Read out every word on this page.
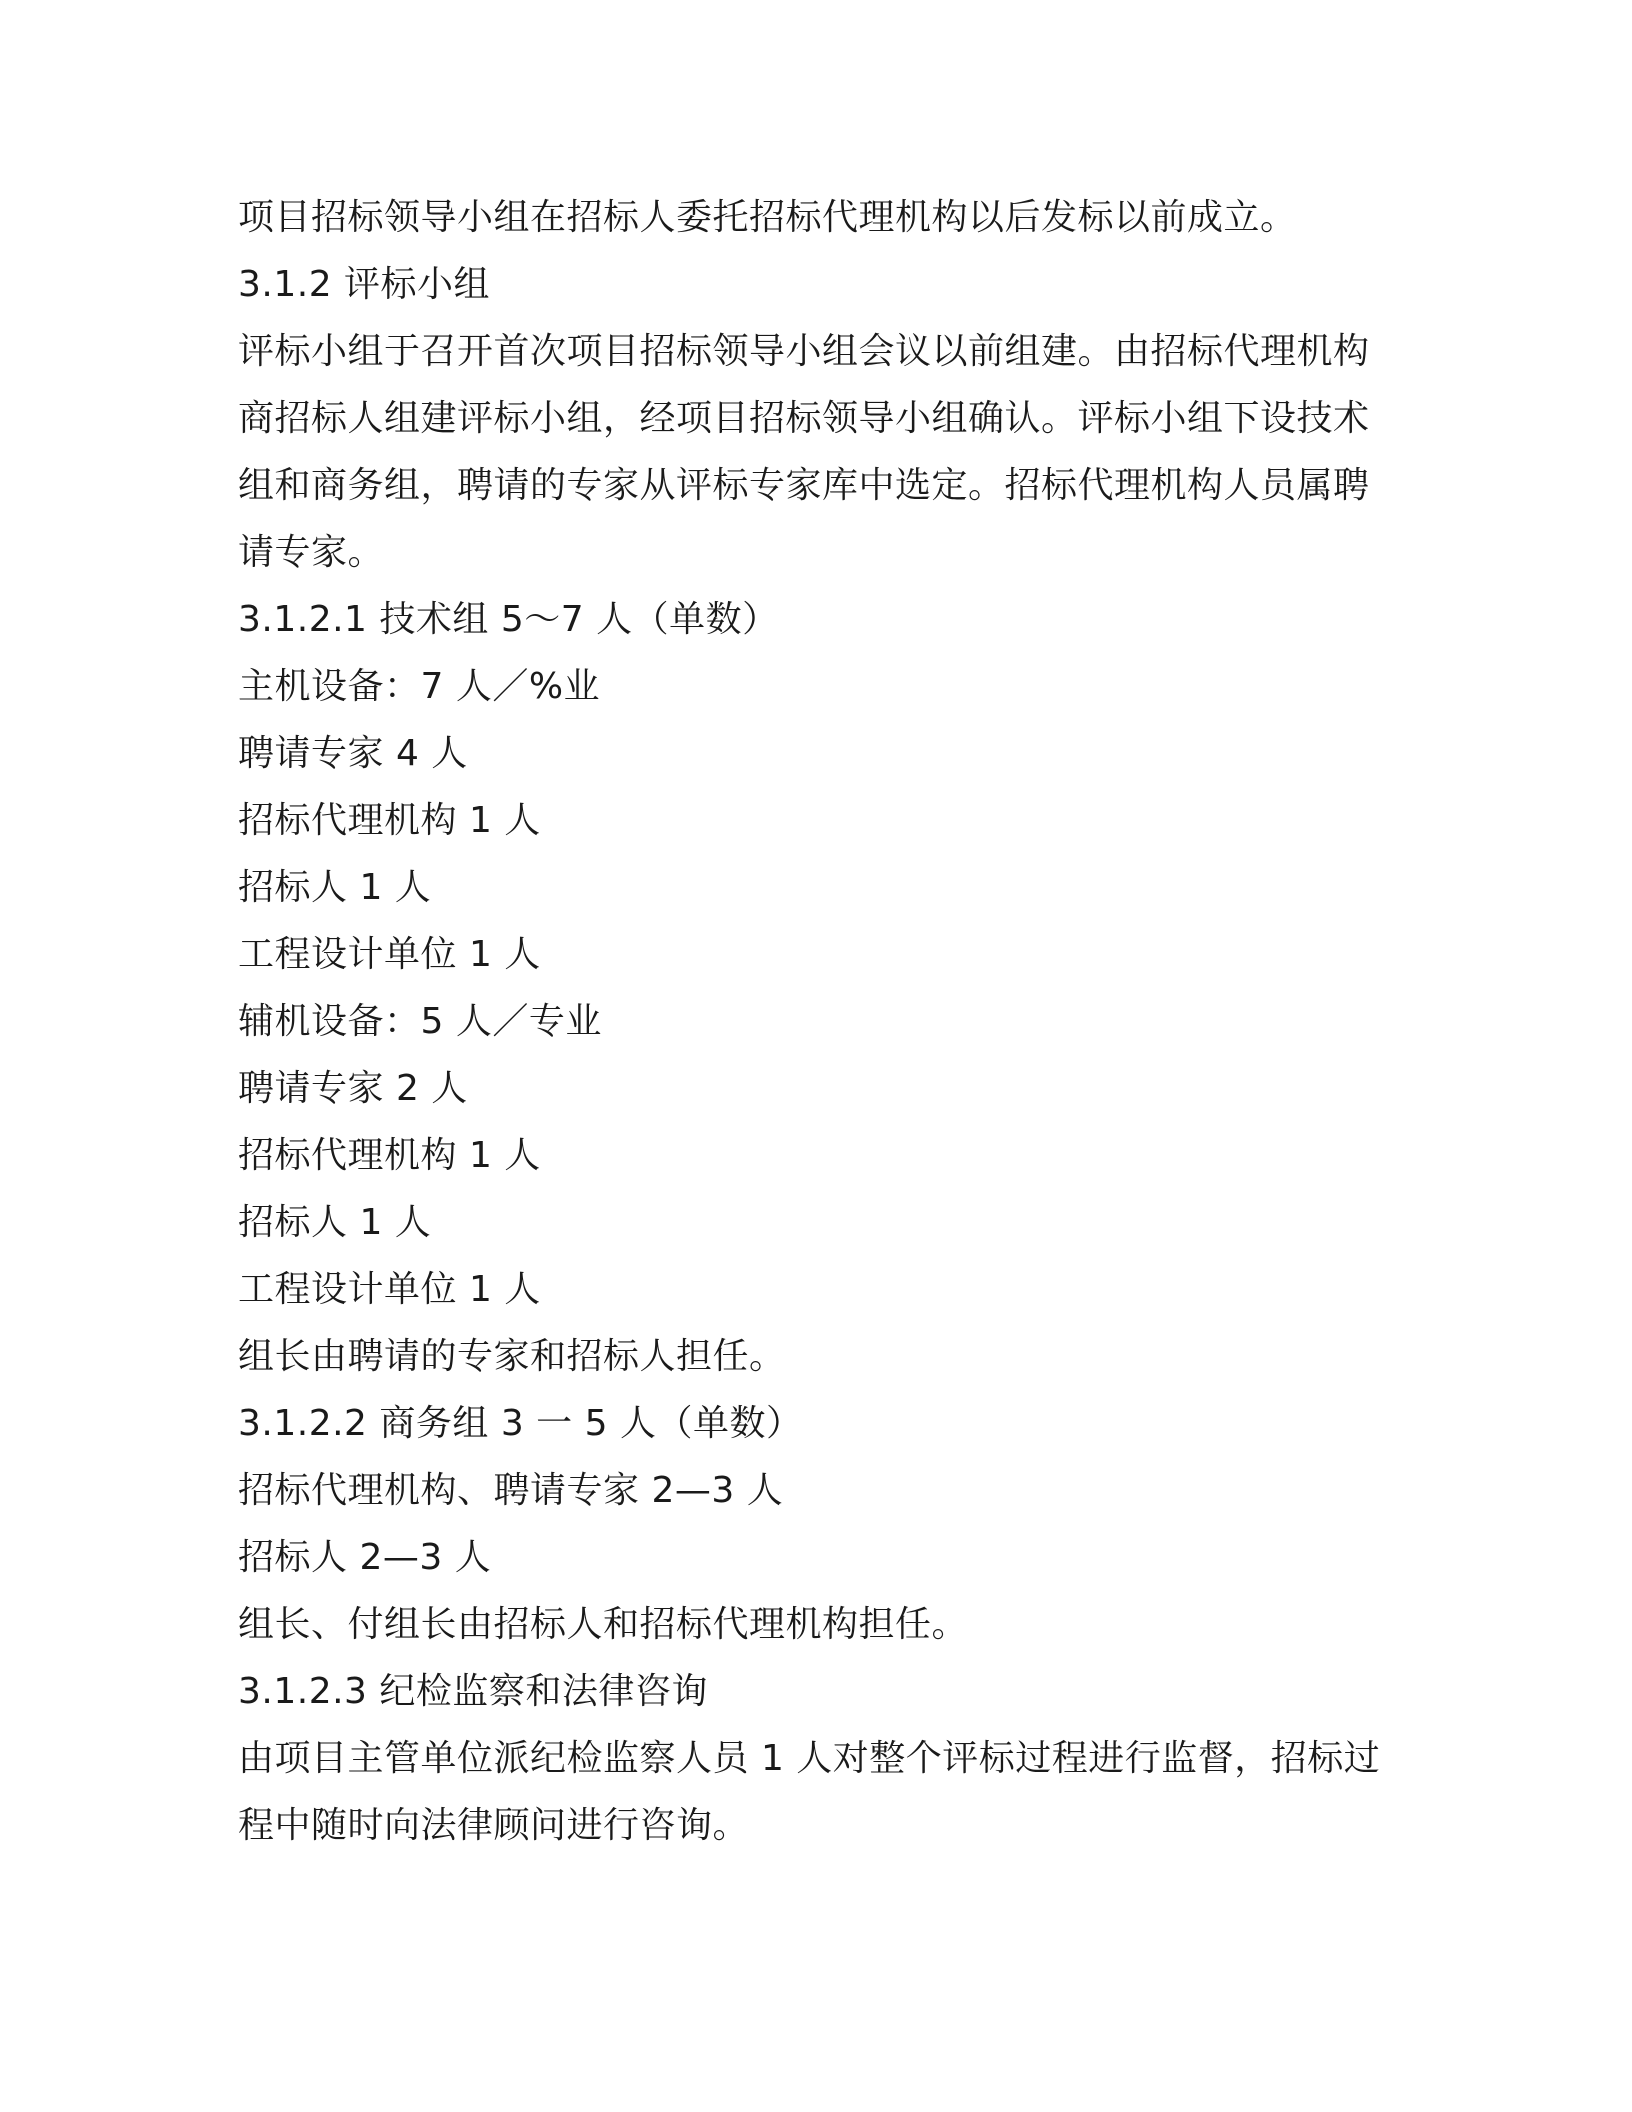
项目招标领导小组在招标人委托招标代理机构以后发标以前成立。
3.1.2 评标小组
评标小组于召开首次项目招标领导小组会议以前组建。由招标代理机构
商招标人组建评标小组，经项目招标领导小组确认。评标小组下设技术
组和商务组，聘请的专家从评标专家库中选定。招标代理机构人员属聘
请专家。
3.1.2.1 技术组 5～7 人（单数）
主机设备：7 人／%业
聘请专家 4 人
招标代理机构 1 人
招标人 1 人
工程设计单位 1 人
辅机设备：5 人／专业
聘请专家 2 人
招标代理机构 1 人
招标人 1 人
工程设计单位 1 人
组长由聘请的专家和招标人担任。
3.1.2.2 商务组 3 一 5 人（单数）
招标代理机构、聘请专家 2—3 人
招标人 2—3 人
组长、付组长由招标人和招标代理机构担任。
3.1.2.3 纪检监察和法律咨询
由项目主管单位派纪检监察人员 1 人对整个评标过程进行监督，招标过
程中随时向法律顾问进行咨询。
